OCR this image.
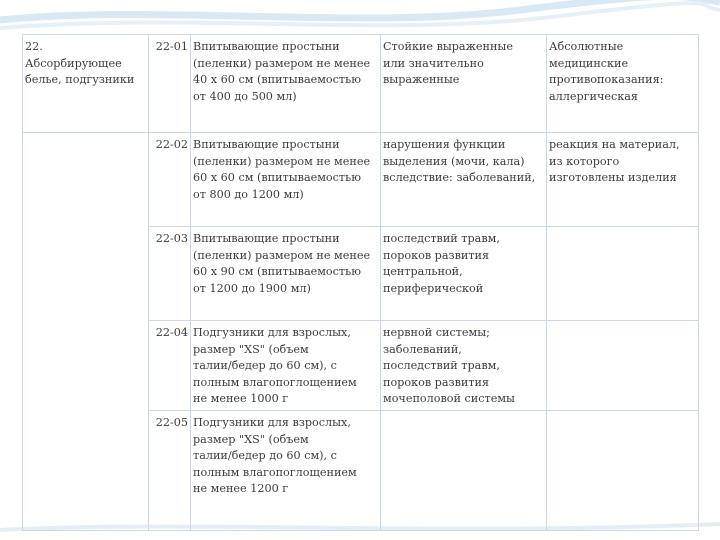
22.
Абсорбирующее
белье, подгузники	22-01	Впитывающие простыни
(пеленки) размером не менее
40 х 60 см (впитываемостью
от 400 до 500 мл)	Стойкие выраженные
или значительно
выраженные	Абсолютные
медицинские
противопоказания:
аллергическая

	22-02	Впитывающие простыни
(пеленки) размером не менее
60 х 60 см (впитываемостью
от 800 до 1200 мл)	нарушения функции
выделения (мочи, кала)
вследствие: заболеваний,	реакция на материал,
из которого
изготовлены изделия

	22-03	Впитывающие простыни
(пеленки) размером не менее
60 х 90 см (впитываемостью
от 1200 до 1900 мл)	последствий травм,
пороков развития
центральной,
периферической	

	22-04	Подгузники для взрослых,
размер "XS" (объем
талии/бедер до 60 см), с
полным влагопоглощением
не менее 1000 г	нервной системы;
заболеваний,
последствий травм,
пороков развития
мочеполовой системы	

	22-05	Подгузники для взрослых,
размер "XS" (объем
талии/бедер до 60 см), с
полным влагопоглощением
не менее 1200 г		
